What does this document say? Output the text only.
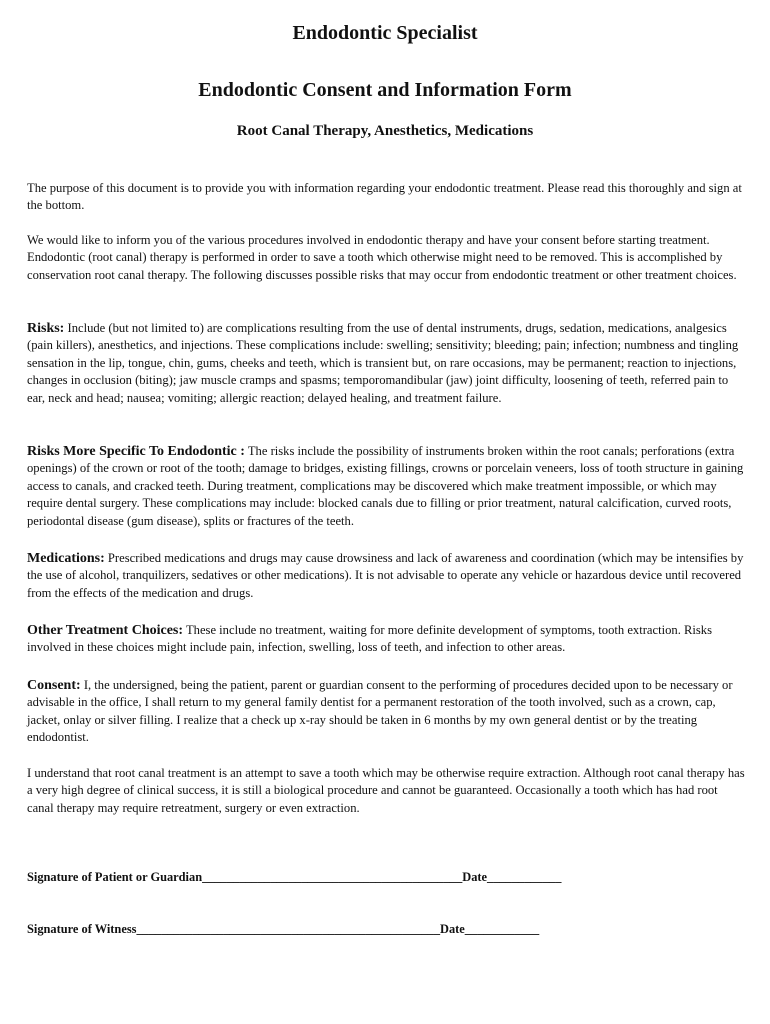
Endodontic Specialist
Endodontic Consent and Information Form
Root Canal Therapy, Anesthetics, Medications

The purpose of this document is to provide you with information regarding your endodontic treatment. Please read this thoroughly and sign at the bottom.

We would like to inform you of the various procedures involved in endodontic therapy and have your consent before starting treatment. Endodontic (root canal) therapy is performed in order to save a tooth which otherwise might need to be removed. This is accomplished by conservation root canal therapy. The following discusses possible risks that may occur from endodontic treatment or other treatment choices.

Risks: Include (but not limited to) are complications resulting from the use of dental instruments, drugs, sedation, medications, analgesics (pain killers), anesthetics, and injections. These complications include: swelling; sensitivity; bleeding; pain; infection; numbness and tingling sensation in the lip, tongue, chin, gums, cheeks and teeth, which is transient but, on rare occasions, may be permanent; reaction to injections, changes in occlusion (biting); jaw muscle cramps and spasms; temporomandibular (jaw) joint difficulty, loosening of teeth, referred pain to ear, neck and head; nausea; vomiting; allergic reaction; delayed healing, and treatment failure.

Risks More Specific To Endodontic : The risks include the possibility of instruments broken within the root canals; perforations (extra openings) of the crown or root of the tooth; damage to bridges, existing fillings, crowns or porcelain veneers, loss of tooth structure in gaining access to canals, and cracked teeth. During treatment, complications may be discovered which make treatment impossible, or which may require dental surgery. These complications may include: blocked canals due to filling or prior treatment, natural calcification, curved roots, periodontal disease (gum disease), splits or fractures of the teeth.

Medications: Prescribed medications and drugs may cause drowsiness and lack of awareness and coordination (which may be intensifies by the use of alcohol, tranquilizers, sedatives or other medications). It is not advisable to operate any vehicle or hazardous device until recovered from the effects of the medication and drugs.

Other Treatment Choices: These include no treatment, waiting for more definite development of symptoms, tooth extraction. Risks involved in these choices might include pain, infection, swelling, loss of teeth, and infection to other areas.

Consent: I, the undersigned, being the patient, parent or guardian consent to the performing of procedures decided upon to be necessary or advisable in the office, I shall return to my general family dentist for a permanent restoration of the tooth involved, such as a crown, cap, jacket, onlay or silver filling. I realize that a check up x-ray should be taken in 6 months by my own general dentist or by the treating endodontist.

I understand that root canal treatment is an attempt to save a tooth which may be otherwise require extraction. Although root canal therapy has a very high degree of clinical success, it is still a biological procedure and cannot be guaranteed. Occasionally a tooth which has had root canal therapy may require retreatment, surgery or even extraction.

Signature of Patient or Guardian__________________________________________Date____________
Signature of Witness_________________________________________________Date____________
